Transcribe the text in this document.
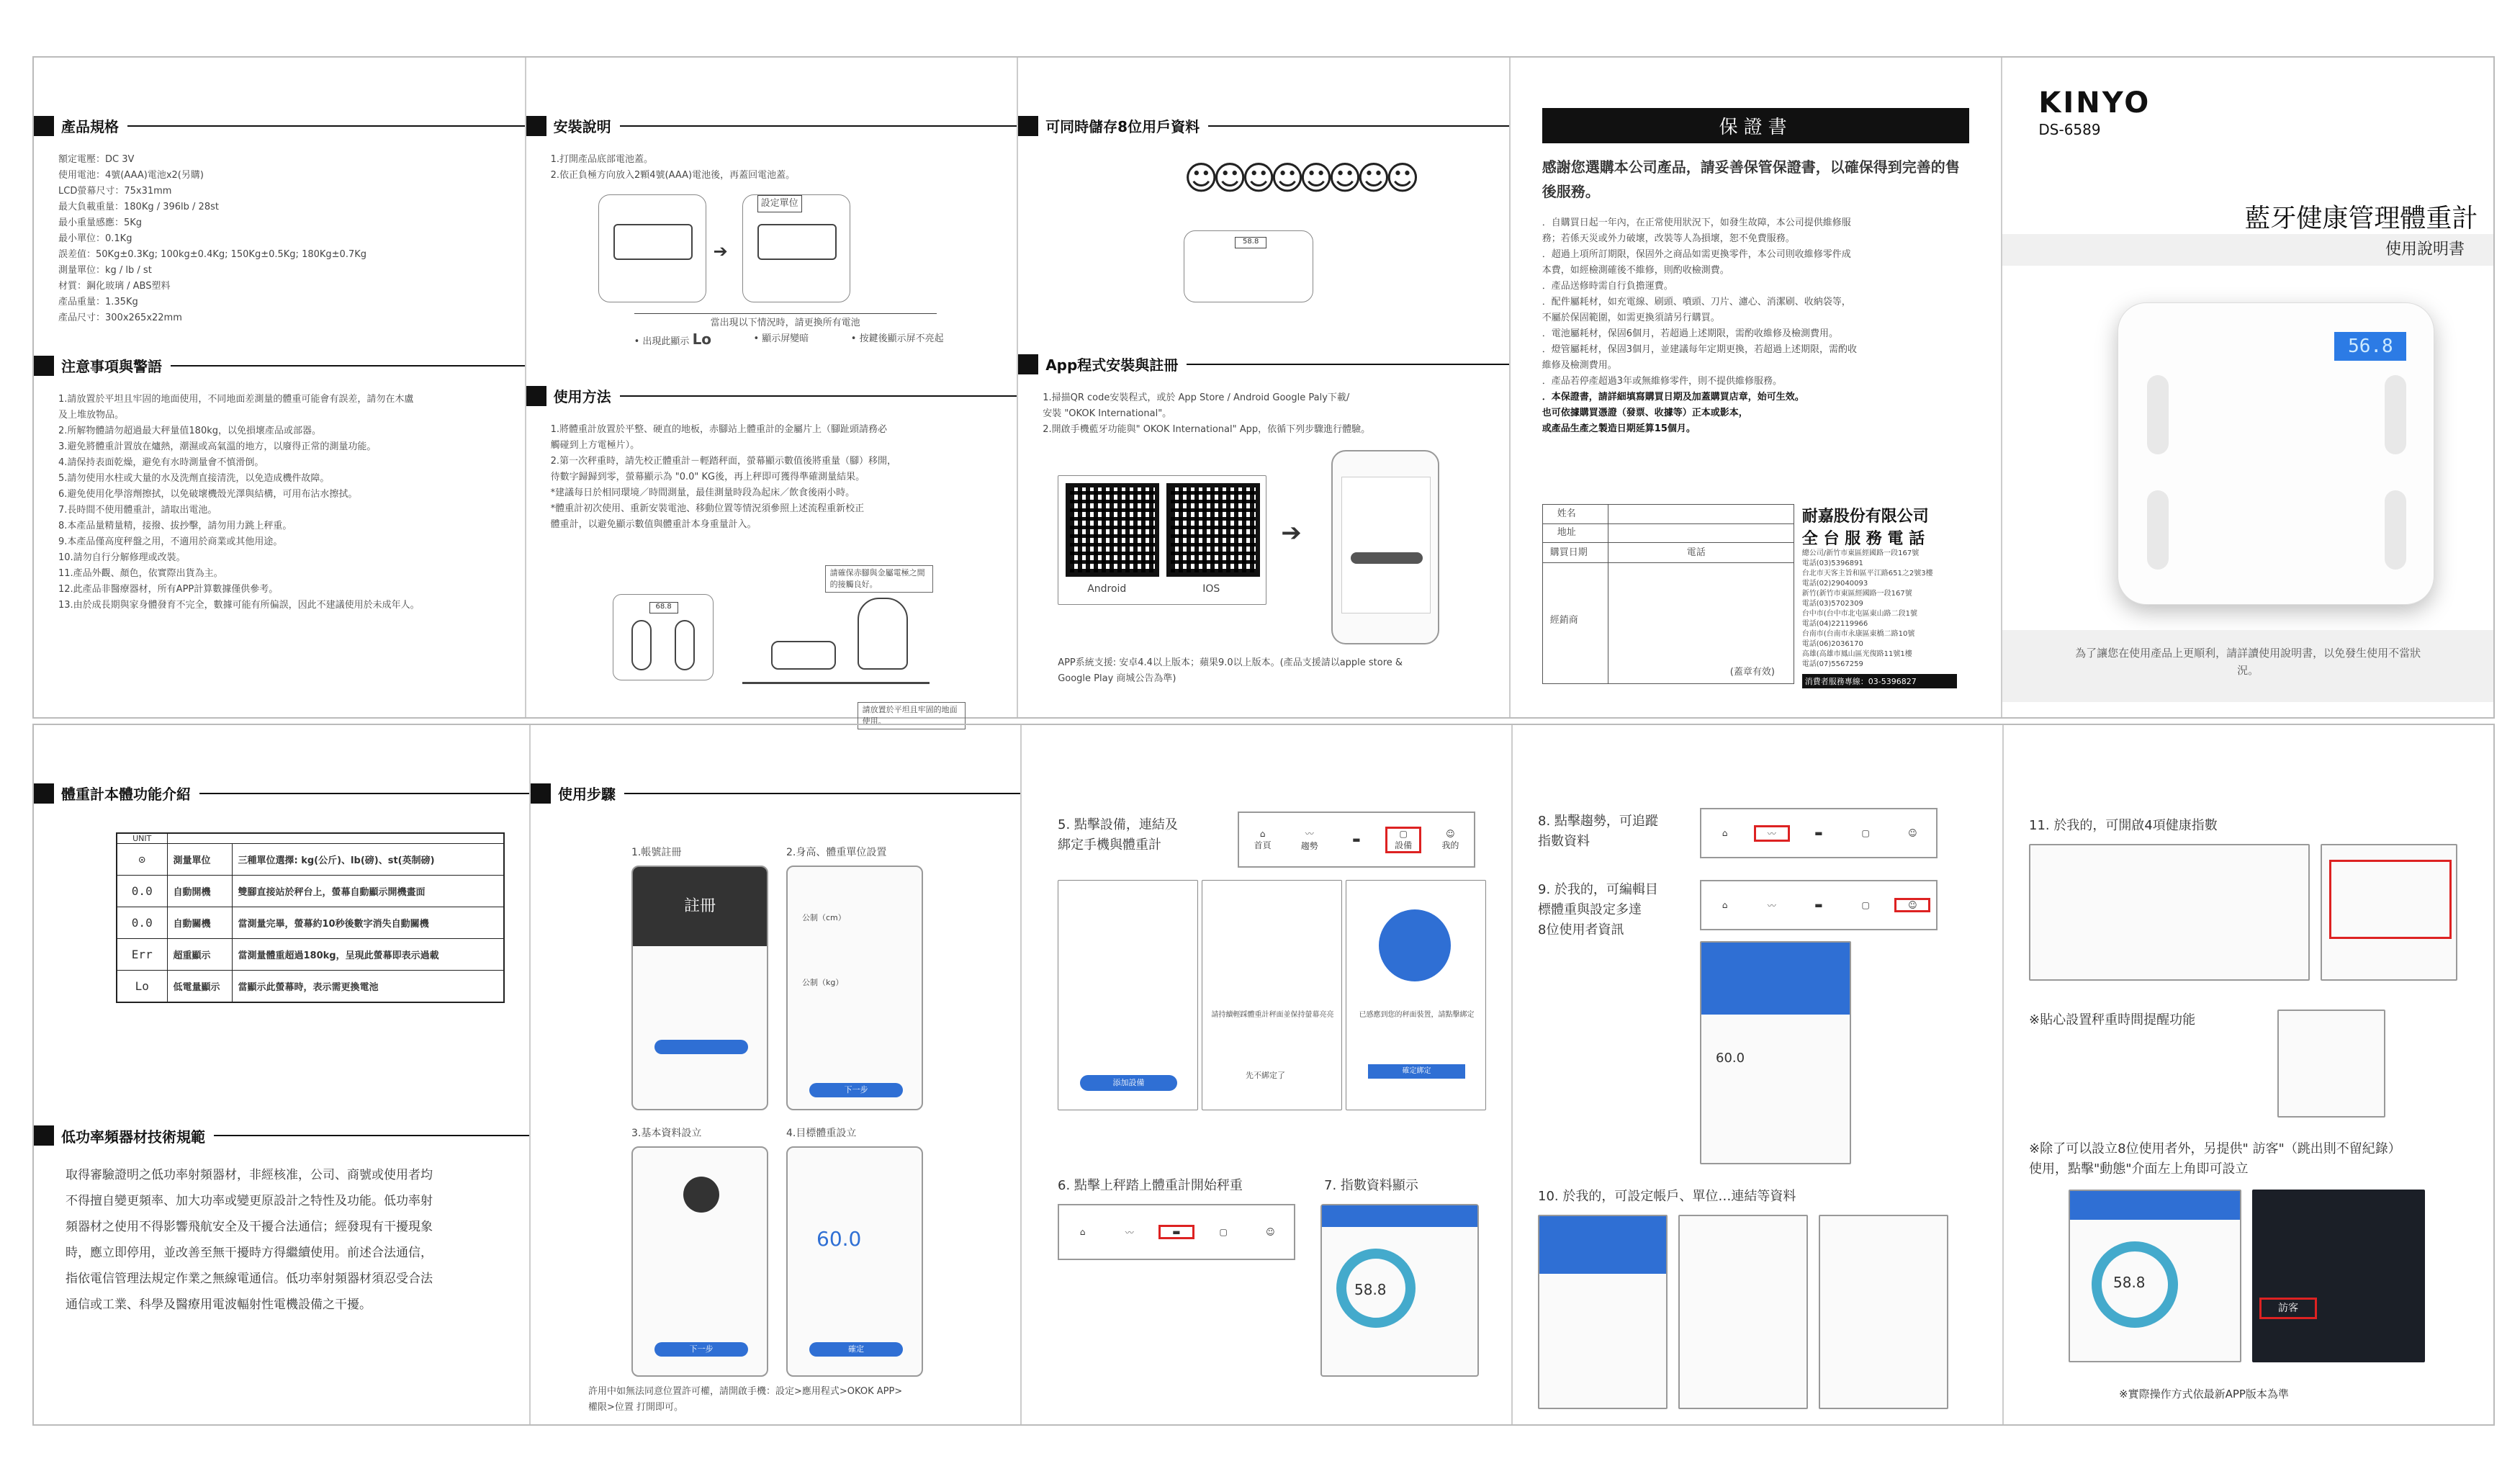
產品規格

額定電壓：DC 3V

使用電池：4號(AAA)電池x2(另購)

LCD螢幕尺寸：75x31mm

最大負載重量：180Kg / 396lb / 28st

最小重量感應：5Kg

最小單位：0.1Kg

誤差值：50Kg±0.3Kg; 100kg±0.4Kg; 150Kg±0.5Kg; 180Kg±0.7Kg

測量單位：kg / lb / st

材質：鋼化玻璃 / ABS塑料

產品重量：1.35Kg

產品尺寸：300x265x22mm

注意事項與警語

1.請放置於平坦且牢固的地面使用，不同地面差測量的體重可能會有誤差，請勿在木盧

及上堆放物品。

2.所解物體請勿超過最大秤量值180kg，以免損壞產品或部器。

3.避免將體重計置放在爐熱，潮濕或高氣溫的地方，以廢得正常的測量功能。

4.請保持表面乾燥，避免有水時測量會不慎滑倒。

5.請勿使用水柱或大量的水及洗劑直接清洗，以免造成機件故障。

6.避免使用化學溶劑擦拭，以免破壞機殼光澤與結構，可用布沾水擦拭。

7.長時間不使用體重計，請取出電池。

8.本產品量精量精，接撥、拔抄擊，請勿用力跳上秤重。

9.本產品僅高度秤盤之用，不適用於商業或其他用途。

10.請勿自行分解修理或改裝。

11.產品外觀、顏色，依實際出貨為主。

12.此產品非醫療器材，所有APP計算數據僅供參考。

13.由於成長期與家身體發育不完全，數據可能有所偏誤，因此不建議使用於未成年人。

安裝說明

1.打開產品底部電池蓋。

2.依正負極方向放入2顆4號(AAA)電池後，再蓋回電池蓋。

➔
設定單位
當出現以下情況時，請更換所有電池
• 出現此顯示 Lo	• 顯示屏變暗	• 按鍵後顯示屏不亮起
使用方法

1.將體重計放置於平整、硬直的地板，赤腳站上體重計的金屬片上（腳趾頭請務必

觸碰到上方電極片）。

2.第一次秤重時，請先校正體重計－輕踏秤面，螢幕顯示數值後將重量（腳）移開，

待數字歸歸到零，螢幕顯示為 "0.0" KG後，再上秤即可獲得準確測量結果。

*建議每日於相同環境／時間測量，最佳測量時段為起床／飲食後兩小時。

*體重計初次使用、重新安裝電池、移動位置等情況須參照上述流程重新校正

體重計，以避免顯示數值與體重計本身重量計入。

68.8
請確保赤腳與金屬電極之間的接觸良好。
請放置於平坦且牢固的地面使用。
可同時儲存8位用戶資料
☺☺☺☺☺☺☺☺
58.8
App程式安裝與註冊

1.掃描QR code安裝程式，或於 App Store / Android Google Paly下載/

安裝 "OKOK International"。

2.開啟手機藍牙功能與" OKOK International" App，依循下列步驟進行體驗。

Android	IOS
➔
APP系統支援: 安卓4.4以上版本；蘋果9.0以上版本。(產品支援請以apple store &
Google Play 商城公告為準)
保證書
感謝您選購本公司產品，請妥善保管保證書，以確保得到完善的售後服務。

．自購買日起一年內，在正常使用狀況下，如發生故障，本公司提供維修服

務；若係天災或外力破壞，改裝等人為損壞，恕不免費服務。

．超過上項所訂期限，保固外之商品如需更換零件，本公司則收維修零件成

本費，如經檢測確後不維修，則酌收檢測費。

．產品送修時需自行負擔運費。

．配件屬耗材，如充電線、刷頭、噴頭、刀片、濾心、消潔刷、收納袋等，

不屬於保固範圍，如需更換須請另行購買。

．電池屬耗材，保固6個月，若超過上述期限，需酌收維修及檢測費用。

．燈管屬耗材，保固3個月，並建議每年定期更換，若超過上述期限，需酌收

維修及檢測費用。

．產品若停產超過3年或無維修零件，則不提供維修服務。

．本保證書，請詳細填寫購買日期及加蓋購買店章，始可生效。

也可依據購買憑證（發票、收據等）正本或影本，

或產品生產之製造日期延算15個月。

姓名
地址
購買日期	電話
經銷商
(蓋章有效)
耐嘉股份有限公司
全 台 服 務 電 話

總公司/新竹市東區經國路一段167號

電話(03)5396891

台北市天客主旨和區平江路651之2號3樓

電話(02)29040093

新竹(新竹市東區經國路一段167號

電話(03)5702309

台中市(台中市北屯區東山路二段1號

電話(04)22119966

台南市(台南市永康區東橋二路10號

電話(06)2036170

高雄(高雄市鳳山區光復路11號1樓

電話(07)5567259

消費者服務專線：03-5396827
KINYO
DS-6589
藍牙健康管理體重計
使用說明書
56.8
為了讓您在使用產品上更順利，請詳讀使用說明書，以免發生使用不當狀況。
體重計本體功能介紹
UNIT		
⊙	測量單位	三種單位選擇: kg(公斤)、lb(磅)、st(英制磅)
0.0	自動開機	雙腳直接站於秤台上，螢幕自動顯示開機畫面
0.0	自動關機	當測量完畢，螢幕約10秒後數字消失自動關機
Err	超重顯示	當測量體重超過180kg，呈現此螢幕即表示過載
Lo	低電量顯示	當顯示此螢幕時，表示需更換電池
低功率頻器材技術規範

取得審驗證明之低功率射頻器材，非經核准，公司、商號或使用者均

不得擅自變更頻率、加大功率或變更原設計之特性及功能。低功率射

頻器材之使用不得影響飛航安全及干擾合法通信；經發現有干擾現象

時，應立即停用，並改善至無干擾時方得繼續使用。前述合法通信，

指依電信管理法規定作業之無線電通信。低功率射頻器材須忍受合法

通信或工業、科學及醫療用電波輻射性電機設備之干擾。

使用步驟
1.帳號註冊	2.身高、體重單位設置
註冊
公制（cm）
公制（kg）
下一步
3.基本資料設立	4.目標體重設立
下一步
60.0
確定
許用中如無法同意位置許可權，請開啟手機：設定>應用程式>OKOK APP>
權限>位置 打開即可。
5. 點擊設備，連結及
綁定手機與體重計
⌂
首頁
〰
趨勢
▬
▢
設備
☺
我的
添加設備
請持續輕踩體重計秤面並保持螢幕亮亮
先不綁定了
已感應到您的秤面裝置，請點擊綁定
確定綁定
6. 點擊上秤踏上體重計開始秤重	7. 指數資料顯示
⌂	〰	▬	▢	☺
58.8
8. 點擊趨勢，可追蹤
指數資料
⌂	〰	▬	▢	☺
9. 於我的，可編輯目
標體重與設定多達
8位使用者資訊
⌂	〰	▬	▢	☺
60.0
10. 於我的，可設定帳戶、單位…連結等資料
11. 於我的，可開啟4項健康指數
※貼心設置秤重時間提醒功能
※除了可以設立8位使用者外，另提供" 訪客"（跳出則不留紀錄）
使用，點擊"動態"介面左上角即可設立
58.8
訪客
※實際操作方式依最新APP版本為準
